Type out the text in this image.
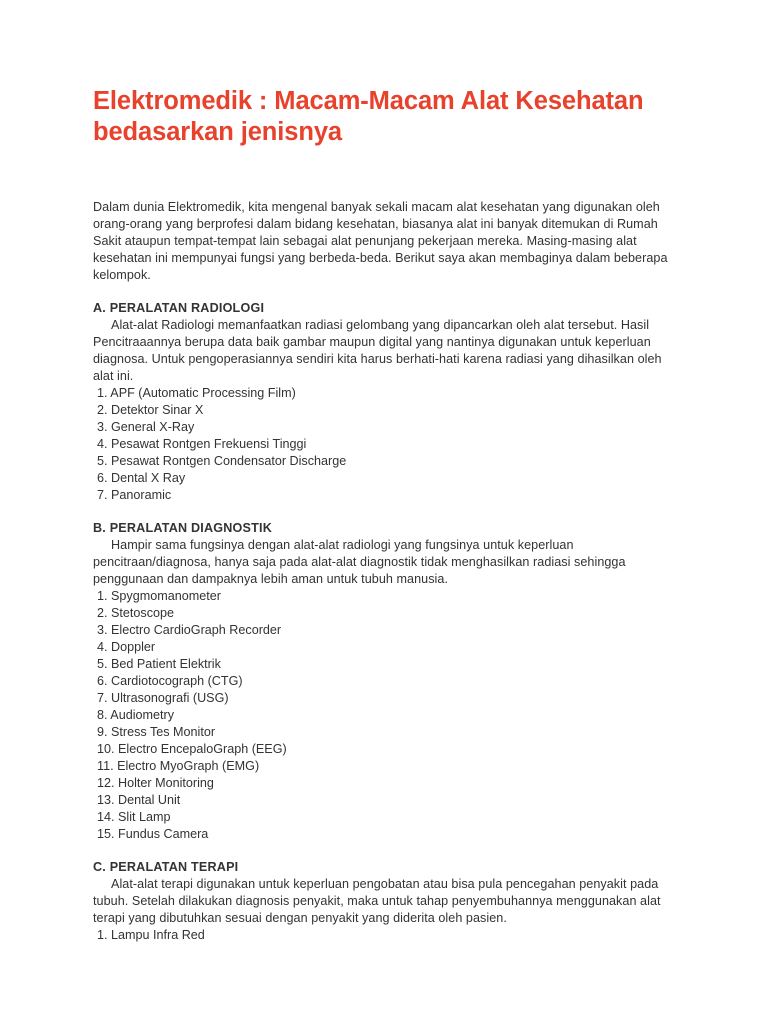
Elektromedik : Macam-Macam Alat Kesehatan bedasarkan jenisnya

Dalam dunia Elektromedik, kita mengenal banyak sekali macam alat kesehatan yang digunakan oleh orang-orang yang berprofesi dalam bidang kesehatan, biasanya alat ini banyak ditemukan di Rumah Sakit ataupun tempat-tempat lain sebagai alat penunjang pekerjaan mereka. Masing-masing alat kesehatan ini mempunyai fungsi yang berbeda-beda. Berikut saya akan membaginya dalam beberapa kelompok.

A. PERALATAN RADIOLOGI

Alat-alat Radiologi memanfaatkan radiasi gelombang yang dipancarkan oleh alat tersebut. Hasil Pencitraaannya berupa data baik gambar maupun digital yang nantinya digunakan untuk keperluan diagnosa. Untuk pengoperasiannya sendiri kita harus berhati-hati karena radiasi yang dihasilkan oleh alat ini.

1. APF (Automatic Processing Film)
2. Detektor Sinar X
3. General X-Ray
4. Pesawat Rontgen Frekuensi Tinggi
5. Pesawat Rontgen Condensator Discharge
6. Dental X Ray
7. Panoramic

B. PERALATAN DIAGNOSTIK

Hampir sama fungsinya dengan alat-alat radiologi yang fungsinya untuk keperluan pencitraan/diagnosa, hanya saja pada alat-alat diagnostik tidak menghasilkan radiasi sehingga penggunaan dan dampaknya lebih aman untuk tubuh manusia.

1. Spygmomanometer
2. Stetoscope
3. Electro CardioGraph Recorder
4. Doppler
5. Bed Patient Elektrik
6. Cardiotocograph (CTG)
7. Ultrasonografi (USG)
8. Audiometry
9. Stress Tes Monitor
10. Electro EncepaloGraph (EEG)
11. Electro MyoGraph (EMG)
12. Holter Monitoring
13. Dental Unit
14. Slit Lamp
15. Fundus Camera

C. PERALATAN TERAPI

Alat-alat terapi digunakan untuk keperluan pengobatan atau bisa pula pencegahan penyakit pada tubuh. Setelah dilakukan diagnosis penyakit, maka untuk tahap penyembuhannya menggunakan alat terapi yang dibutuhkan sesuai dengan penyakit yang diderita oleh pasien.

1. Lampu Infra Red
